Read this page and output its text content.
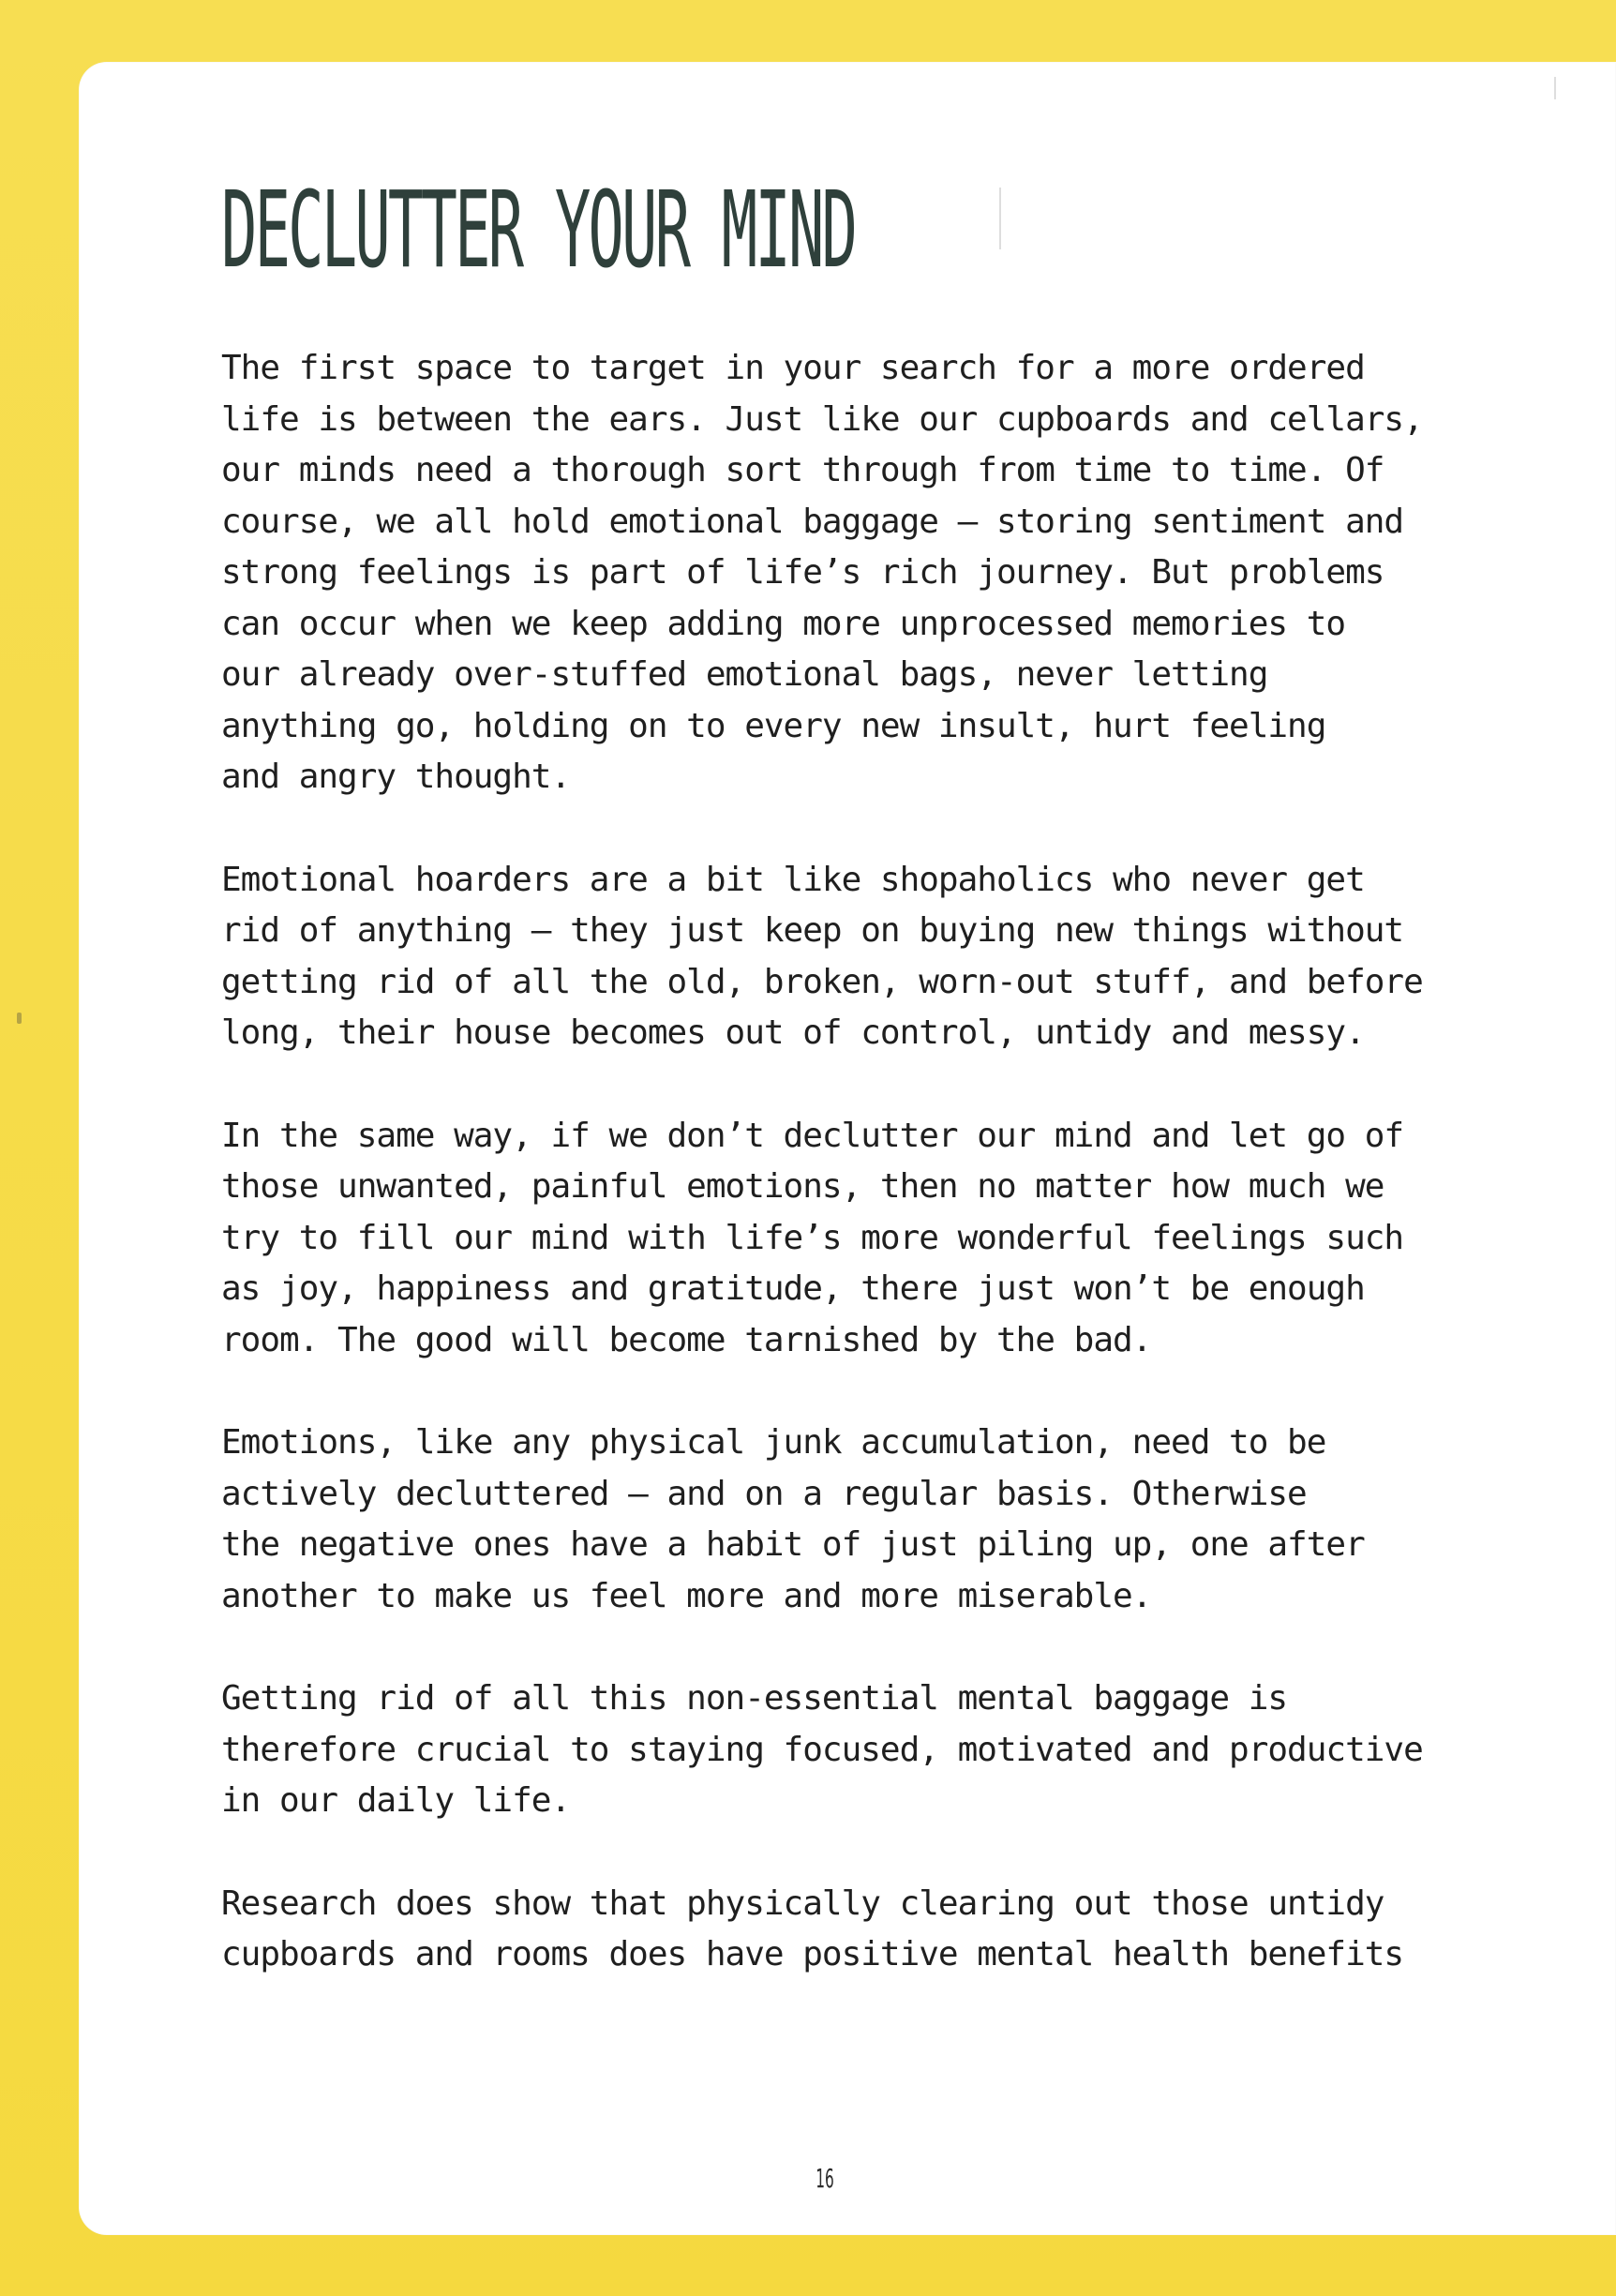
DECLUTTER YOUR MIND
The first space to target in your search for a more ordered
life is between the ears. Just like our cupboards and cellars,
our minds need a thorough sort through from time to time. Of
course, we all hold emotional baggage – storing sentiment and
strong feelings is part of life’s rich journey. But problems
can occur when we keep adding more unprocessed memories to
our already over-stuffed emotional bags, never letting
anything go, holding on to every new insult, hurt feeling
and angry thought.
Emotional hoarders are a bit like shopaholics who never get
rid of anything – they just keep on buying new things without
getting rid of all the old, broken, worn-out stuff, and before
long, their house becomes out of control, untidy and messy.
In the same way, if we don’t declutter our mind and let go of
those unwanted, painful emotions, then no matter how much we
try to fill our mind with life’s more wonderful feelings such
as joy, happiness and gratitude, there just won’t be enough
room. The good will become tarnished by the bad.
Emotions, like any physical junk accumulation, need to be
actively decluttered – and on a regular basis. Otherwise
the negative ones have a habit of just piling up, one after
another to make us feel more and more miserable.
Getting rid of all this non-essential mental baggage is
therefore crucial to staying focused, motivated and productive
in our daily life.
Research does show that physically clearing out those untidy
cupboards and rooms does have positive mental health benefits
16
